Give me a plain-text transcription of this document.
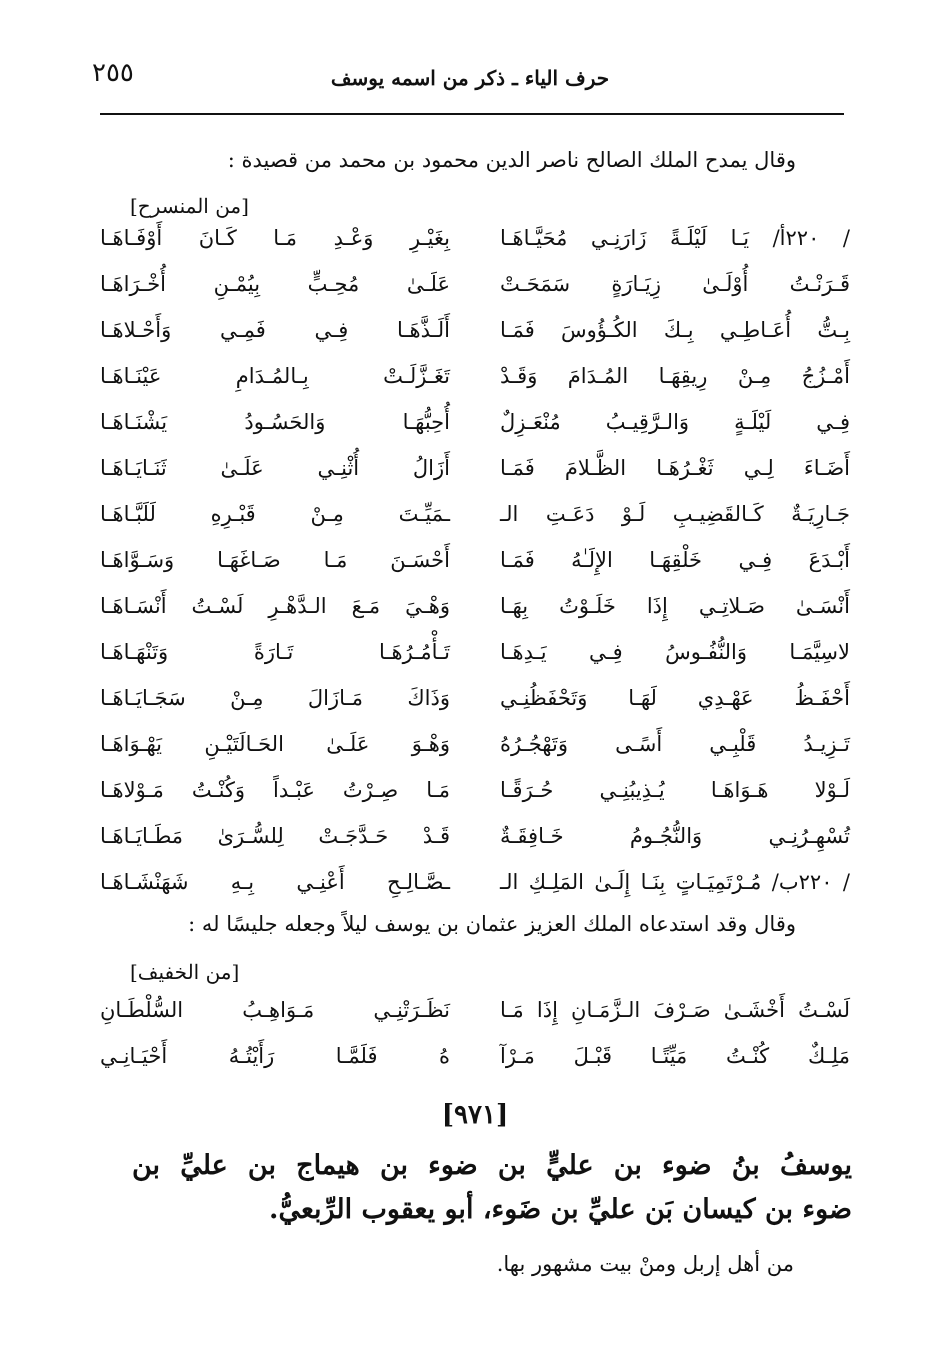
٢٥٥	حرف الياء ـ ذكر من اسمه يوسف
وقال يمدح الملك الصالح ناصر الدين محمود بن محمد من قصيدة :
[من المنسرح]
/ ٢٢٠أ/ يَـا لَيْلَـةً زَارَنِـي مُحَيَّـاهَـا
بِغَيْـرِ وَعْـدِ مَـا كَـانَ أَوْفَـاهَـا
قَـرَنْـتُ أُوْلَـىٰ زِيَـارَةٍ سَمَحَـتْ
عَلَـىٰ مُحِـبٍّ بِيُمْـنِ أُخْـرَاهَـا
بِـتُّ أُعَـاطِـي بِـكَ الكُـؤُوسَ فَمَـا
أَلَـذَّهَـا فِـي فَمِـي وَأَحْـلاهَـا
أَمْـزُجُ مِـنْ رِيقِهَـا المُـدَامَ وَقَـدْ
تَغَـزَّلَـتْ بِـالمُـدَامِ عَيْنَـاهَـا
فِـي لَيْلَـةٍ وَالـرَّقِيـبُ مُنْعَـزِلٌ
أُحِبُّهَـا وَالحَسُـودُ يَشْنَـاهَـا
أَضَـاءَ لِـي ثَغْـرُهَـا الظَّـلامَ فَمَـا
أَزَالُ أُثْنِـي عَلَـىٰ ثَنَـايَـاهَـا
جَـارِيَـةٌ كَـالقَضِيـبِ لَـوْ دَعَـتِ الـ
ـمَيِّـتَ مِـنْ قَبْـرِهِ لَلَبَّـاهَـا
أَبْـدَعَ فِـي خَلْقِهَـا الإِلَـٰهُ فَمَـا
أَحْسَـنَ مَـا صَـاغَهَـا وَسَـوَّاهَـا
أَنْسَـىٰ صَـلاتِـي إِذَا خَلَـوْتُ بِهَـا
وَهْـيَ مَـعَ الـدَّهْـرِ لَسْـتُ أَنْسَـاهَـا
لاسِيَّمَـا وَالنُّفُـوسُ فِـي يَـدِهَـا
تَـأْمُـرُهَـا تَـارَةً وَتَنْهَـاهَـا
أَحْفَـظُ عَهْـدِي لَهَـا وَتَحْفَظُنِـي
وَذَاكَ مَـازَالَ مِـنْ سَجَـايَـاهَـا
تَـزِيـدُ قَلْبِـي أَسًـى وَتَهْجُـرُهُ
وَهْـوَ عَلَـىٰ الحَـالَتَيْـنِ يَهْـوَاهَـا
لَـوْلا هَـوَاهَـا يُـذِيبُنِـي حُـرَقًـا
مَـا صِـرْتُ عَبْـداً وَكُنْـتُ مَـوْلاهَـا
تُسْهِـرُنِـي وَالنُّجُـومُ خَـافِقَـةٌ
قَـدْ حَـدَّجَـتْ لِلسُّـرَىٰ مَطَـايَـاهَـا
/ ٢٢٠ب/ مُـرْتَمِيَـاتٍ بِنَـا إِلَـىٰ المَلِـكِ الـ
ـصَّـالِـحِ أَعْنِـي بِـهِ شَهَنْشَـاهَـا
وقال وقد استدعاه الملك العزيز عثمان بن يوسف ليلاً وجعله جليسًا له :
[من الخفيف]
لَسْـتُ أَخْشَـىٰ صَـرْفَ الـزَّمَـانِ إِذَا مَـا
نَظَـرَتْنِـي مَـوَاهِـبُ السُّلْطَـانِ
مَلِـكٌ كُنْـتُ مَيِّتًـا قَبْـلَ مَـرْآ
هُ فَلَمَّـا رَأَيْتُـهُ أَحْيَـانِـي
[٩٧١]
يوسفُ بنُ ضوء بن عليٍّ بن ضوء بن هيماج بن عليِّ بن
ضوء بن كيسان بَن عليِّ بن ضَوء، أبو يعقوب الرِّبعيُّ.
من أهل إربل ومنْ بيت مشهور بها.
